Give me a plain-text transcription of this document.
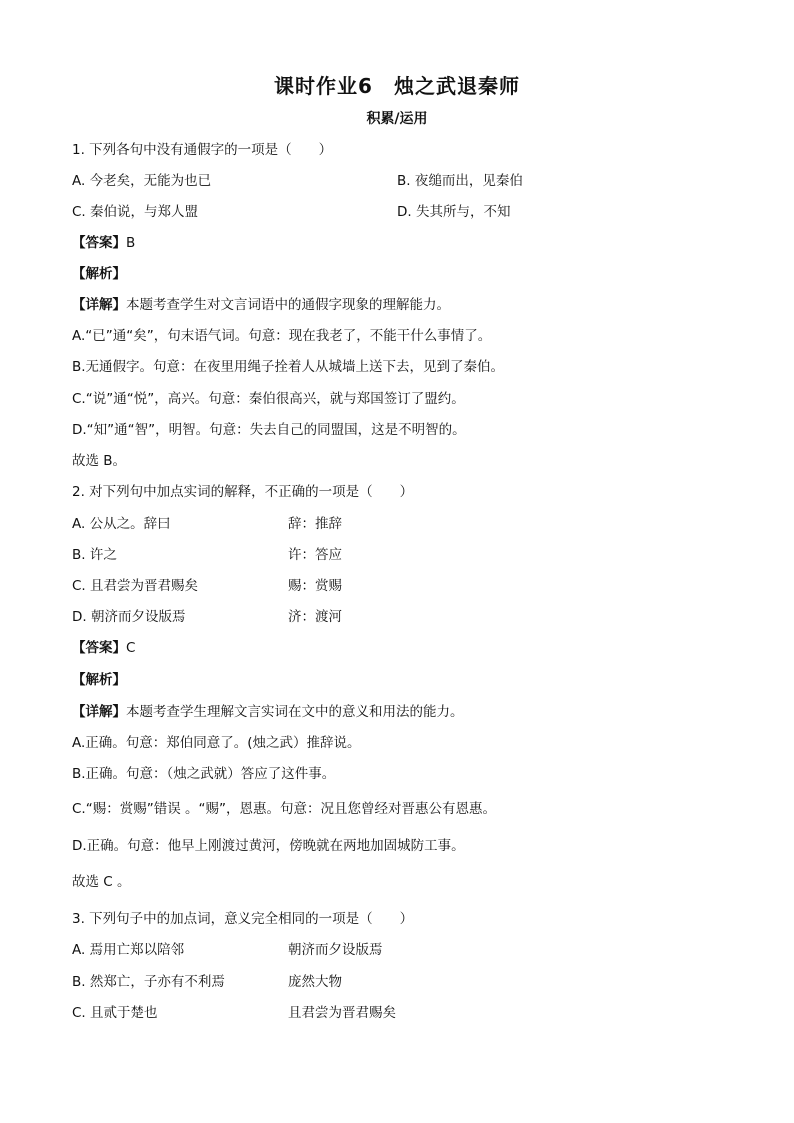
课时作业6　烛之武退秦师
积累/运用
1. 下列各句中没有通假字的一项是（　　）
A. 今老矣，无能为也已	B. 夜缒而出，见秦伯
C. 秦伯说，与郑人盟	D. 失其所与，不知
【答案】B
【解析】
【详解】本题考查学生对文言词语中的通假字现象的理解能力。
A.“已”通“矣”，句末语气词。句意：现在我老了，不能干什么事情了。
B.无通假字。句意：在夜里用绳子拴着人从城墙上送下去，见到了秦伯。
C.“说”通“悦”，高兴。句意：秦伯很高兴，就与郑国签订了盟约。
D.“知”通“智”，明智。句意：失去自己的同盟国，这是不明智的。
故选 B。
2. 对下列句中加点实词的解释，不正确的一项是（　　）
A. 公从之。辞曰	辞：推辞
B. 许之	许：答应
C. 且君尝为晋君赐矣	赐：赏赐
D. 朝济而夕设版焉	济：渡河
【答案】C
【解析】
【详解】本题考查学生理解文言实词在文中的意义和用法的能力。
A.正确。句意：郑伯同意了。(烛之武）推辞说。
B.正确。句意：（烛之武就）答应了这件事。
C.“赐：赏赐”错误 。“赐”，恩惠。句意：况且您曾经对晋惠公有恩惠。
D.正确。句意：他早上刚渡过黄河，傍晚就在两地加固城防工事。
故选 C 。
3. 下列句子中的加点词，意义完全相同的一项是（　　）
A. 焉用亡郑以陪邻	朝济而夕设版焉
B. 然郑亡，子亦有不利焉	庞然大物
C. 且贰于楚也	且君尝为晋君赐矣
